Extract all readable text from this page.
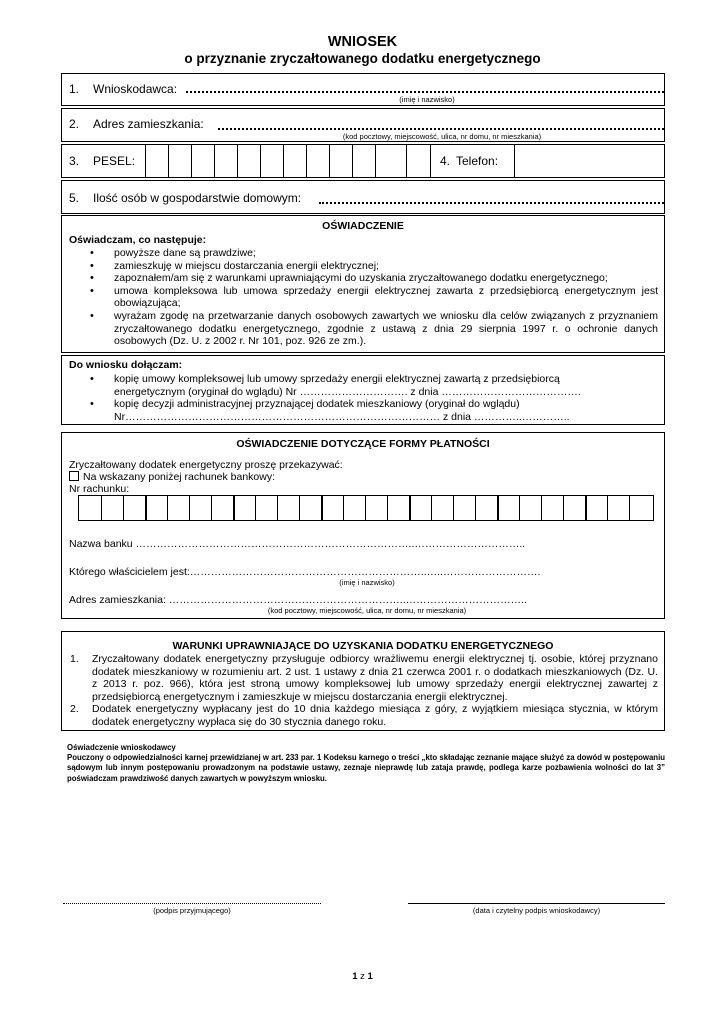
WNIOSEK
o przyznanie zryczałtowanego dodatku energetycznego
1. Wnioskodawca:
(imię i nazwisko)
2. Adres zamieszkania:
(kod pocztowy, miejscowość, ulica, nr domu, nr mieszkania)
3. PESEL:	4. Telefon:
5. Ilość osób w gospodarstwie domowym:
OŚWIADCZENIE
Oświadczam, co następuje:
• powyższe dane są prawdziwe;
• zamieszkuję w miejscu dostarczania energii elektrycznej;
• zapoznałem/am się z warunkami uprawniającymi do uzyskania zryczałtowanego dodatku energetycznego;
• umowa kompleksowa lub umowa sprzedaży energii elektrycznej zawarta z przedsiębiorcą energetycznym jest obowiązująca;
• wyrażam zgodę na przetwarzanie danych osobowych zawartych we wniosku dla celów związanych z przyznaniem zryczałtowanego dodatku energetycznego, zgodnie z ustawą z dnia 29 sierpnia 1997 r. o ochronie danych osobowych (Dz. U. z 2002 r. Nr 101, poz. 926 ze zm.).
Do wniosku dołączam:
• kopię umowy kompleksowej lub umowy sprzedaży energii elektrycznej zawartą z przedsiębiorcą
energetycznym (oryginał do wglądu) Nr …………………………. z dnia ………………………………….
• kopię decyzji administracyjnej przyznającej dodatek mieszkaniowy (oryginał do wglądu)
Nr……………………………………………………………………………… z dnia …………..…………..
OŚWIADCZENIE DOTYCZĄCE FORMY PŁATNOŚCI
Zryczałtowany dodatek energetyczny proszę przekazywać:
Na wskazany poniżej rachunek bankowy:
Nr rachunku:
Nazwa banku ……………………………………………………………………..…………………………..
Którego właścicielem jest:…………………………………………………………..…..……………………….
(imię i nazwisko)
Adres zamieszkania: …………………………………………………………..……………………………..
(kod pocztowy, miejscowość, ulica, nr domu, nr mieszkania)
WARUNKI UPRAWNIAJĄCE DO UZYSKANIA DODATKU ENERGETYCZNEGO
1. Zryczałtowany dodatek energetyczny przysługuje odbiorcy wrażliwemu energii elektrycznej tj. osobie, której przyznano dodatek mieszkaniowy w rozumieniu art. 2 ust. 1 ustawy z dnia 21 czerwca 2001 r. o dodatkach mieszkaniowych (Dz. U. z 2013 r. poz. 966), która jest stroną umowy kompleksowej lub umowy sprzedaży energii elektrycznej zawartej z przedsiębiorcą energetycznym i zamieszkuje w miejscu dostarczania energii elektrycznej.
2. Dodatek energetyczny wypłacany jest do 10 dnia każdego miesiąca z góry, z wyjątkiem miesiąca stycznia, w którym dodatek energetyczny wypłaca się do 30 stycznia danego roku.
Oświadczenie wnioskodawcy
Pouczony o odpowiedzialności karnej przewidzianej w art. 233 par. 1 Kodeksu karnego o treści „kto składając zeznanie mające służyć za dowód w postępowaniu sądowym lub innym postępowaniu prowadzonym na podstawie ustawy, zeznaje nieprawdę lub zataja prawdę, podlega karze pozbawienia wolności do lat 3” poświadczam prawdziwość danych zawartych w powyższym wniosku.
(podpis przyjmującego)	(data i czytelny podpis wnioskodawcy)
1 z 1
